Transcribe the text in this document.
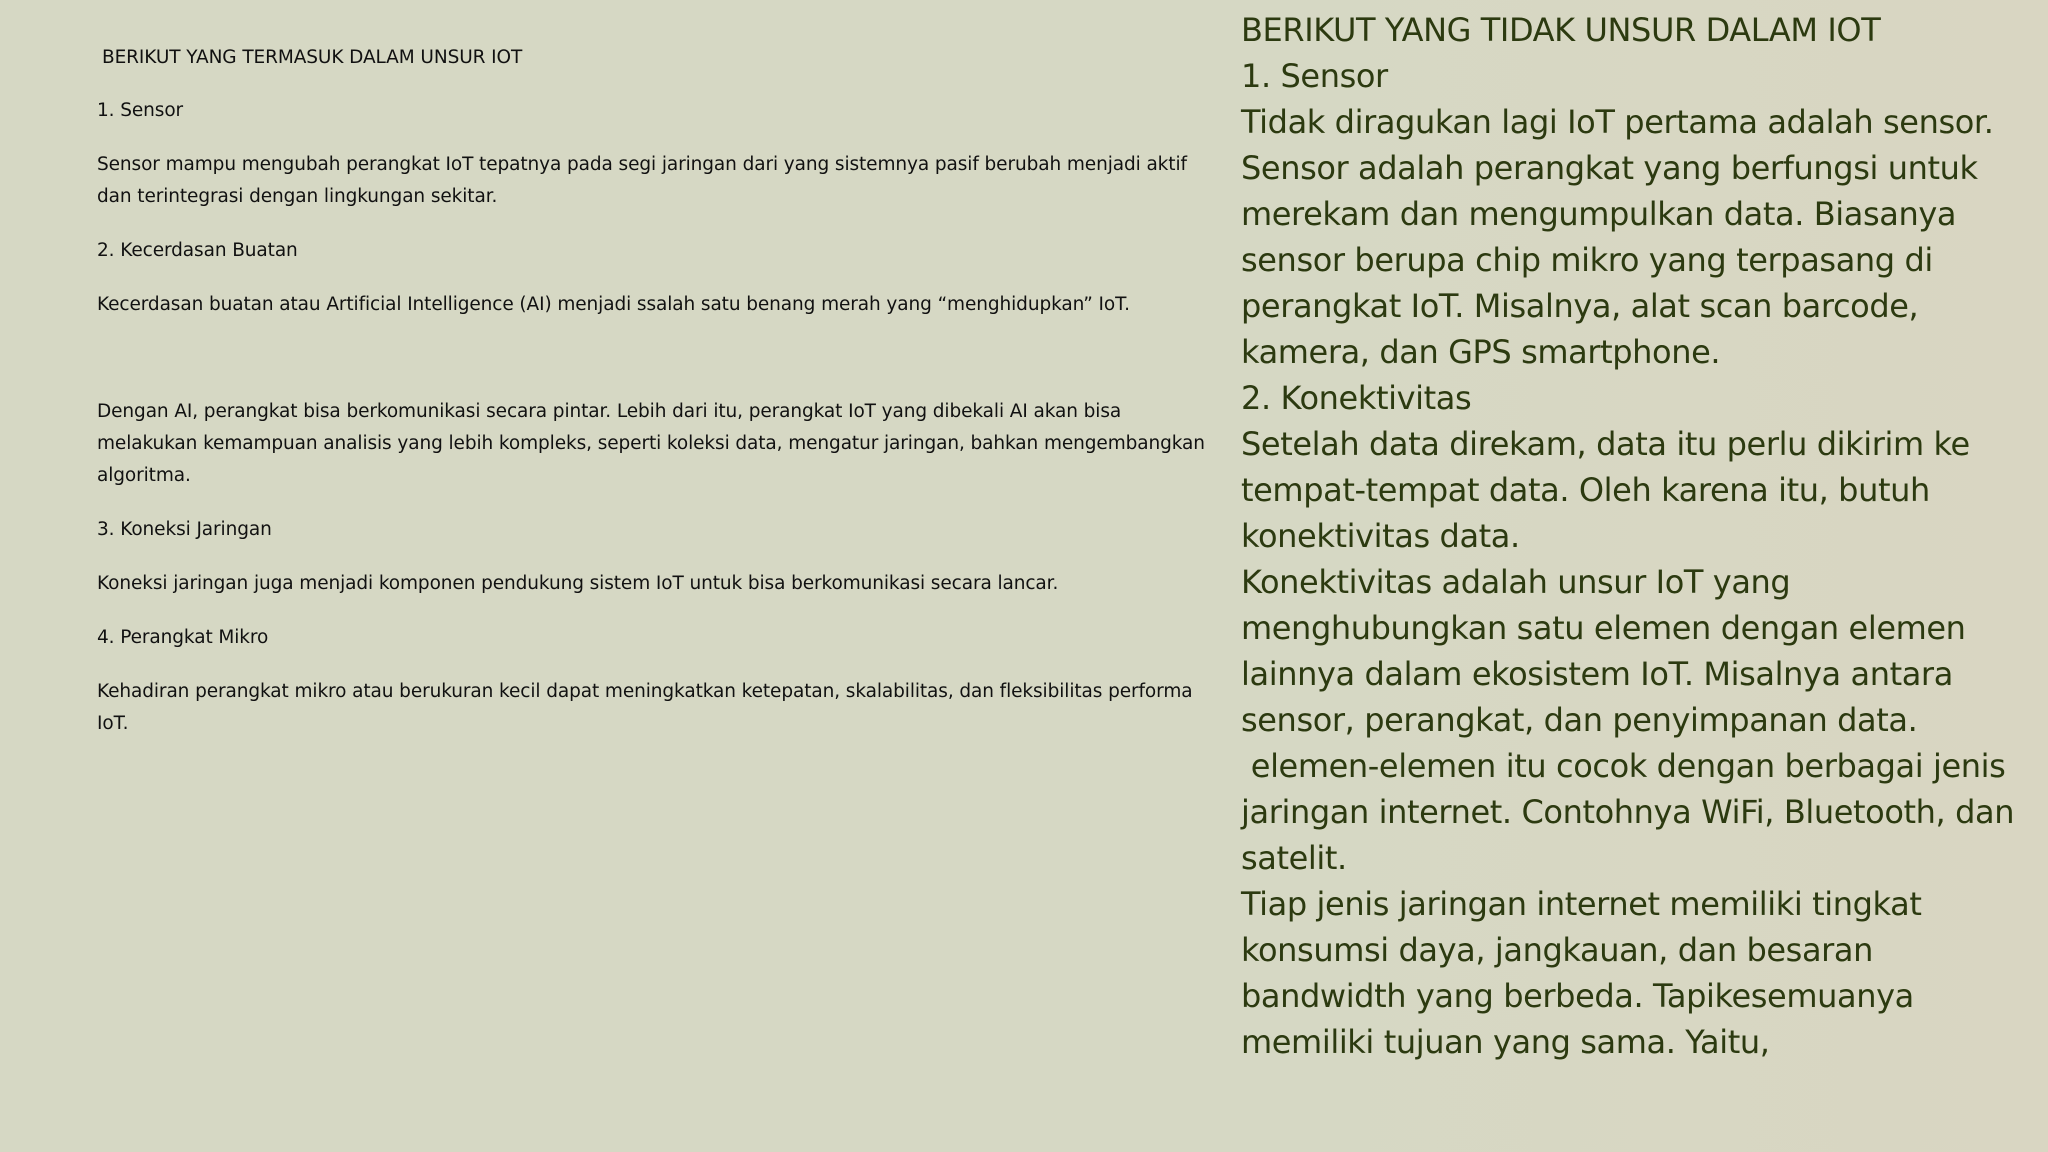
BERIKUT YANG TERMASUK DALAM UNSUR IOT

1. Sensor

Sensor mampu mengubah perangkat IoT tepatnya pada segi jaringan dari yang sistemnya pasif berubah menjadi aktif dan terintegrasi dengan lingkungan sekitar.

2. Kecerdasan Buatan

Kecerdasan buatan atau Artificial Intelligence (AI) menjadi ssalah satu benang merah yang “menghidupkan” IoT.

Dengan AI, perangkat bisa berkomunikasi secara pintar. Lebih dari itu, perangkat IoT yang dibekali AI akan bisa melakukan kemampuan analisis yang lebih kompleks, seperti koleksi data, mengatur jaringan, bahkan mengembangkan algoritma.

3. Koneksi Jaringan

Koneksi jaringan juga menjadi komponen pendukung sistem IoT untuk bisa berkomunikasi secara lancar.

4. Perangkat Mikro

Kehadiran perangkat mikro atau berukuran kecil dapat meningkatkan ketepatan, skalabilitas, dan fleksibilitas performa IoT.

BERIKUT YANG TIDAK UNSUR DALAM IOT
1. Sensor
Tidak diragukan lagi IoT pertama adalah sensor. Sensor adalah perangkat yang berfungsi untuk merekam dan mengumpulkan data. Biasanya sensor berupa chip mikro yang terpasang di perangkat IoT. Misalnya, alat scan barcode, kamera, dan GPS smartphone.
2. Konektivitas
Setelah data direkam, data itu perlu dikirim ke tempat-tempat data. Oleh karena itu, butuh konektivitas data.
Konektivitas adalah unsur IoT yang menghubungkan satu elemen dengan elemen lainnya dalam ekosistem IoT. Misalnya antara sensor, perangkat, dan penyimpanan data.
elemen-elemen itu cocok dengan berbagai jenis jaringan internet. Contohnya WiFi, Bluetooth, dan satelit.
Tiap jenis jaringan internet memiliki tingkat konsumsi daya, jangkauan, dan besaran bandwidth yang berbeda. Tapikesemuanya memiliki tujuan yang sama. Yaitu,
